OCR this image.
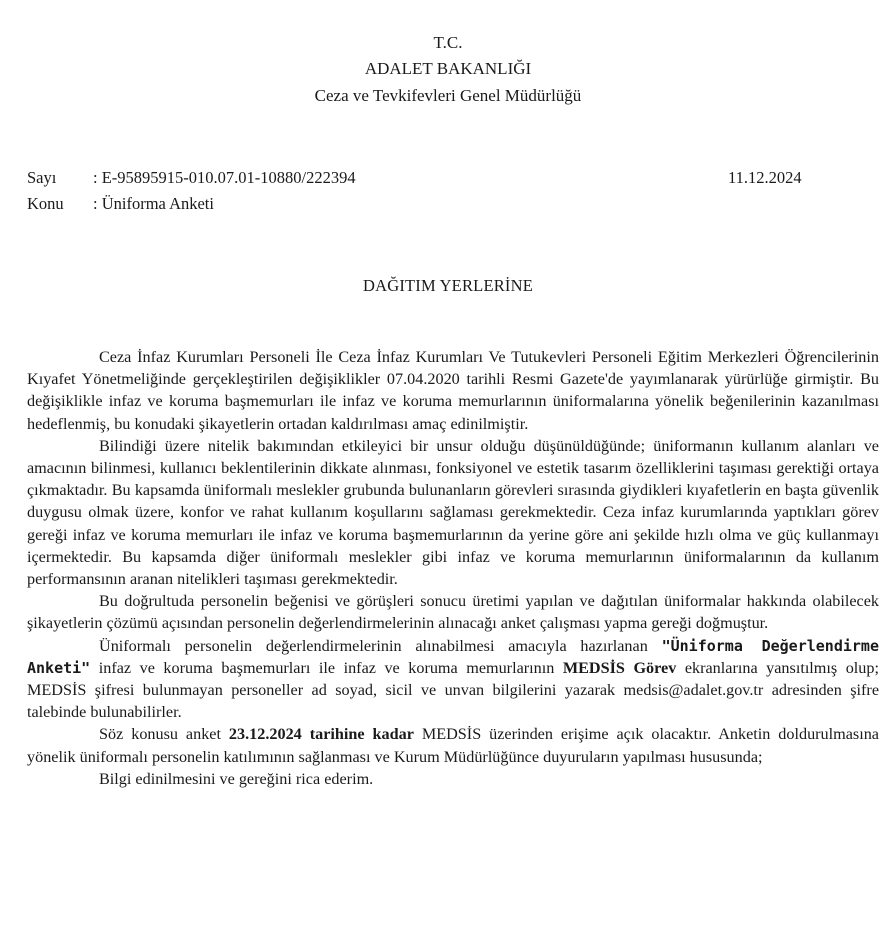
T.C.
ADALET BAKANLIĞI
Ceza ve Tevkifevleri Genel Müdürlüğü
Sayı : E-95895915-010.07.01-10880/222394	11.12.2024
Konu : Üniforma Anketi
DAĞITIM YERLERİNE

Ceza İnfaz Kurumları Personeli İle Ceza İnfaz Kurumları Ve Tutukevleri Personeli Eğitim Merkezleri Öğrencilerinin Kıyafet Yönetmeliğinde gerçekleştirilen değişiklikler 07.04.2020 tarihli Resmi Gazete'de yayımlanarak yürürlüğe girmiştir. Bu değişiklikle infaz ve koruma başmemurları ile infaz ve koruma memurlarının üniformalarına yönelik beğenilerinin kazanılması hedeflenmiş, bu konudaki şikayetlerin ortadan kaldırılması amaç edinilmiştir.

Bilindiği üzere nitelik bakımından etkileyici bir unsur olduğu düşünüldüğünde; üniformanın kullanım alanları ve amacının bilinmesi, kullanıcı beklentilerinin dikkate alınması, fonksiyonel ve estetik tasarım özelliklerini taşıması gerektiği ortaya çıkmaktadır. Bu kapsamda üniformalı meslekler grubunda bulunanların görevleri sırasında giydikleri kıyafetlerin en başta güvenlik duygusu olmak üzere, konfor ve rahat kullanım koşullarını sağlaması gerekmektedir. Ceza infaz kurumlarında yaptıkları görev gereği infaz ve koruma memurları ile infaz ve koruma başmemurlarının da yerine göre ani şekilde hızlı olma ve güç kullanmayı içermektedir. Bu kapsamda diğer üniformalı meslekler gibi infaz ve koruma memurlarının üniformalarının da kullanım performansının aranan nitelikleri taşıması gerekmektedir.

Bu doğrultuda personelin beğenisi ve görüşleri sonucu üretimi yapılan ve dağıtılan üniformalar hakkında olabilecek şikayetlerin çözümü açısından personelin değerlendirmelerinin alınacağı anket çalışması yapma gereği doğmuştur.

Üniformalı personelin değerlendirmelerinin alınabilmesi amacıyla hazırlanan "Üniforma Değerlendirme Anketi" infaz ve koruma başmemurları ile infaz ve koruma memurlarının MEDSİS Görev ekranlarına yansıtılmış olup; MEDSİS şifresi bulunmayan personeller ad soyad, sicil ve unvan bilgilerini yazarak medsis@adalet.gov.tr adresinden şifre talebinde bulunabilirler.

Söz konusu anket 23.12.2024 tarihine kadar MEDSİS üzerinden erişime açık olacaktır. Anketin doldurulmasına yönelik üniformalı personelin katılımının sağlanması ve Kurum Müdürlüğünce duyuruların yapılması hususunda;

Bilgi edinilmesini ve gereğini rica ederim.
